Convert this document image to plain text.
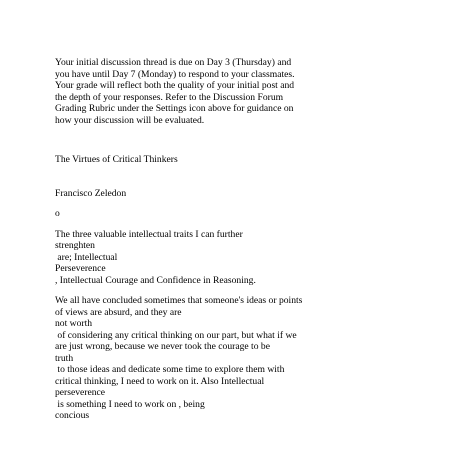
Your initial discussion thread is due on Day 3 (Thursday) and
you have until Day 7 (Monday) to respond to your classmates.
Your grade will reflect both the quality of your initial post and
the depth of your responses. Refer to the Discussion Forum
Grading Rubric under the Settings icon above for guidance on
how your discussion will be evaluated.
The Virtues of Critical Thinkers
Francisco Zeledon
o
The three valuable intellectual traits I can further
strenghten
are; Intellectual
Perseverence
, Intellectual Courage and Confidence in Reasoning.
We all have concluded sometimes that someone's ideas or points
of views are absurd, and they are
not worth
of considering any critical thinking on our part, but what if we
are just wrong, because we never took the courage to be
truth
to those ideas and dedicate some time to explore them with
critical thinking, I need to work on it. Also Intellectual
perseverence
is something I need to work on , being
concious
